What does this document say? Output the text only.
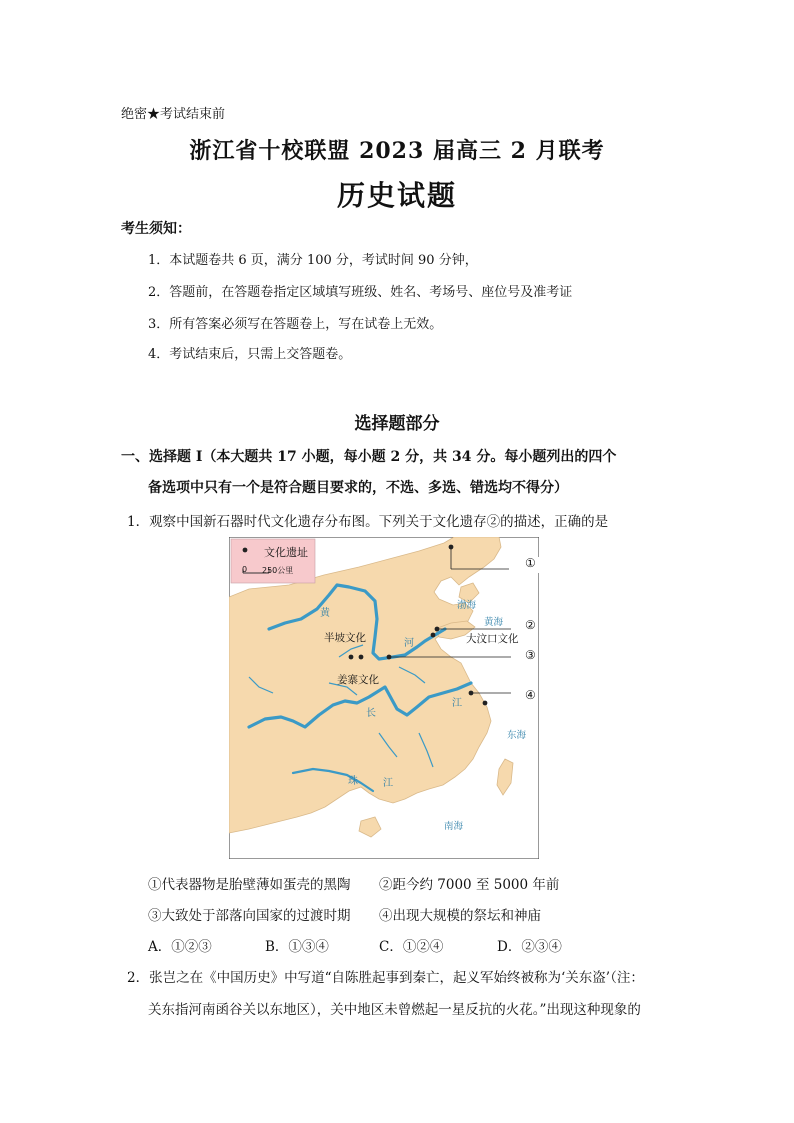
绝密★考试结束前
浙江省十校联盟 2023 届高三 2 月联考
历史试题
考生须知：
1．本试题卷共 6 页，满分 100 分，考试时间 90 分钟，
2．答题前，在答题卷指定区域填写班级、姓名、考场号、座位号及准考证
3．所有答案必须写在答题卷上，写在试卷上无效。
4．考试结束后，只需上交答题卷。
选择题部分
一、选择题 I（本大题共 17 小题，每小题 2 分，共 34 分。每小题列出的四个
备选项中只有一个是符合题目要求的，不选、多选、错选均不得分）
1．观察中国新石器时代文化遗存分布图。下列关于文化遗存②的描述，正确的是
文化遗址
0 250公里
半坡文化
姜寨文化
大汶口文化
渤海
黄海
东海
南海
黄
河
长
江
珠	江
①
②
③
④
①代表器物是胎壁薄如蛋壳的黑陶 ②距今约 7000 至 5000 年前
③大致处于部落向国家的过渡时期 ④出现大规模的祭坛和神庙
A．①②③	B．①③④	C．①②④	D．②③④
2．张岂之在《中国历史》中写道“自陈胜起事到秦亡，起义军始终被称为‘关东盗’（注：
关东指河南函谷关以东地区），关中地区未曾燃起一星反抗的火花。”出现这种现象的
